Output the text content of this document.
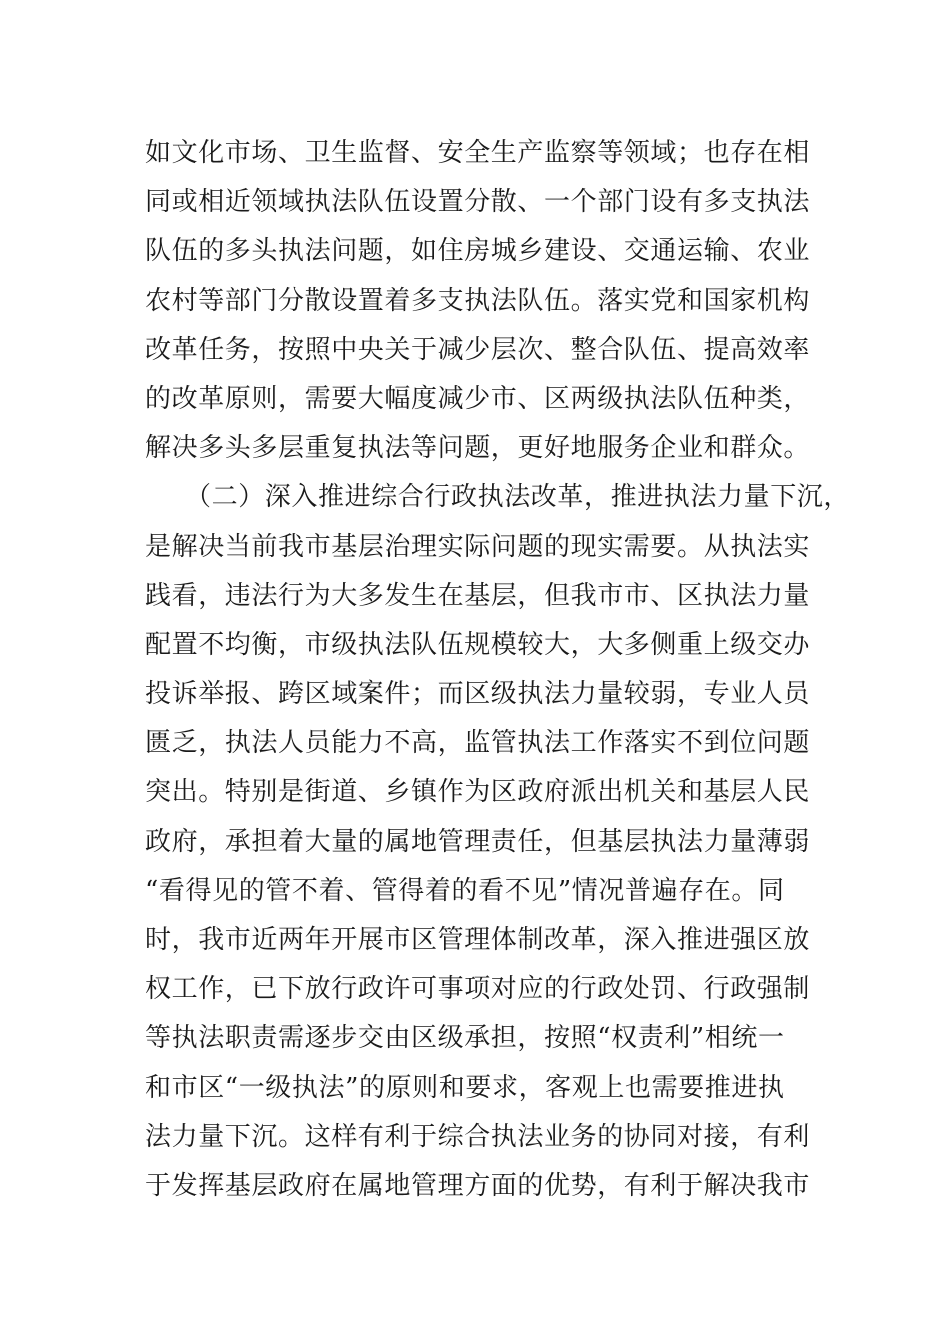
如文化市场、卫生监督、安全生产监察等领域；也存在相
同或相近领域执法队伍设置分散、一个部门设有多支执法
队伍的多头执法问题，如住房城乡建设、交通运输、农业
农村等部门分散设置着多支执法队伍。落实党和国家机构
改革任务，按照中央关于减少层次、整合队伍、提高效率
的改革原则，需要大幅度减少市、区两级执法队伍种类，
解决多头多层重复执法等问题，更好地服务企业和群众。
（二）深入推进综合行政执法改革，推进执法力量下沉，
是解决当前我市基层治理实际问题的现实需要。从执法实
践看，违法行为大多发生在基层，但我市市、区执法力量
配置不均衡，市级执法队伍规模较大，大多侧重上级交办
投诉举报、跨区域案件；而区级执法力量较弱，专业人员
匮乏，执法人员能力不高，监管执法工作落实不到位问题
突出。特别是街道、乡镇作为区政府派出机关和基层人民
政府，承担着大量的属地管理责任，但基层执法力量薄弱
“看得见的管不着、管得着的看不见”情况普遍存在。同
时，我市近两年开展市区管理体制改革，深入推进强区放
权工作，已下放行政许可事项对应的行政处罚、行政强制
等执法职责需逐步交由区级承担，按照“权责利”相统一
和市区“一级执法”的原则和要求，客观上也需要推进执
法力量下沉。这样有利于综合执法业务的协同对接，有利
于发挥基层政府在属地管理方面的优势，有利于解决我市
